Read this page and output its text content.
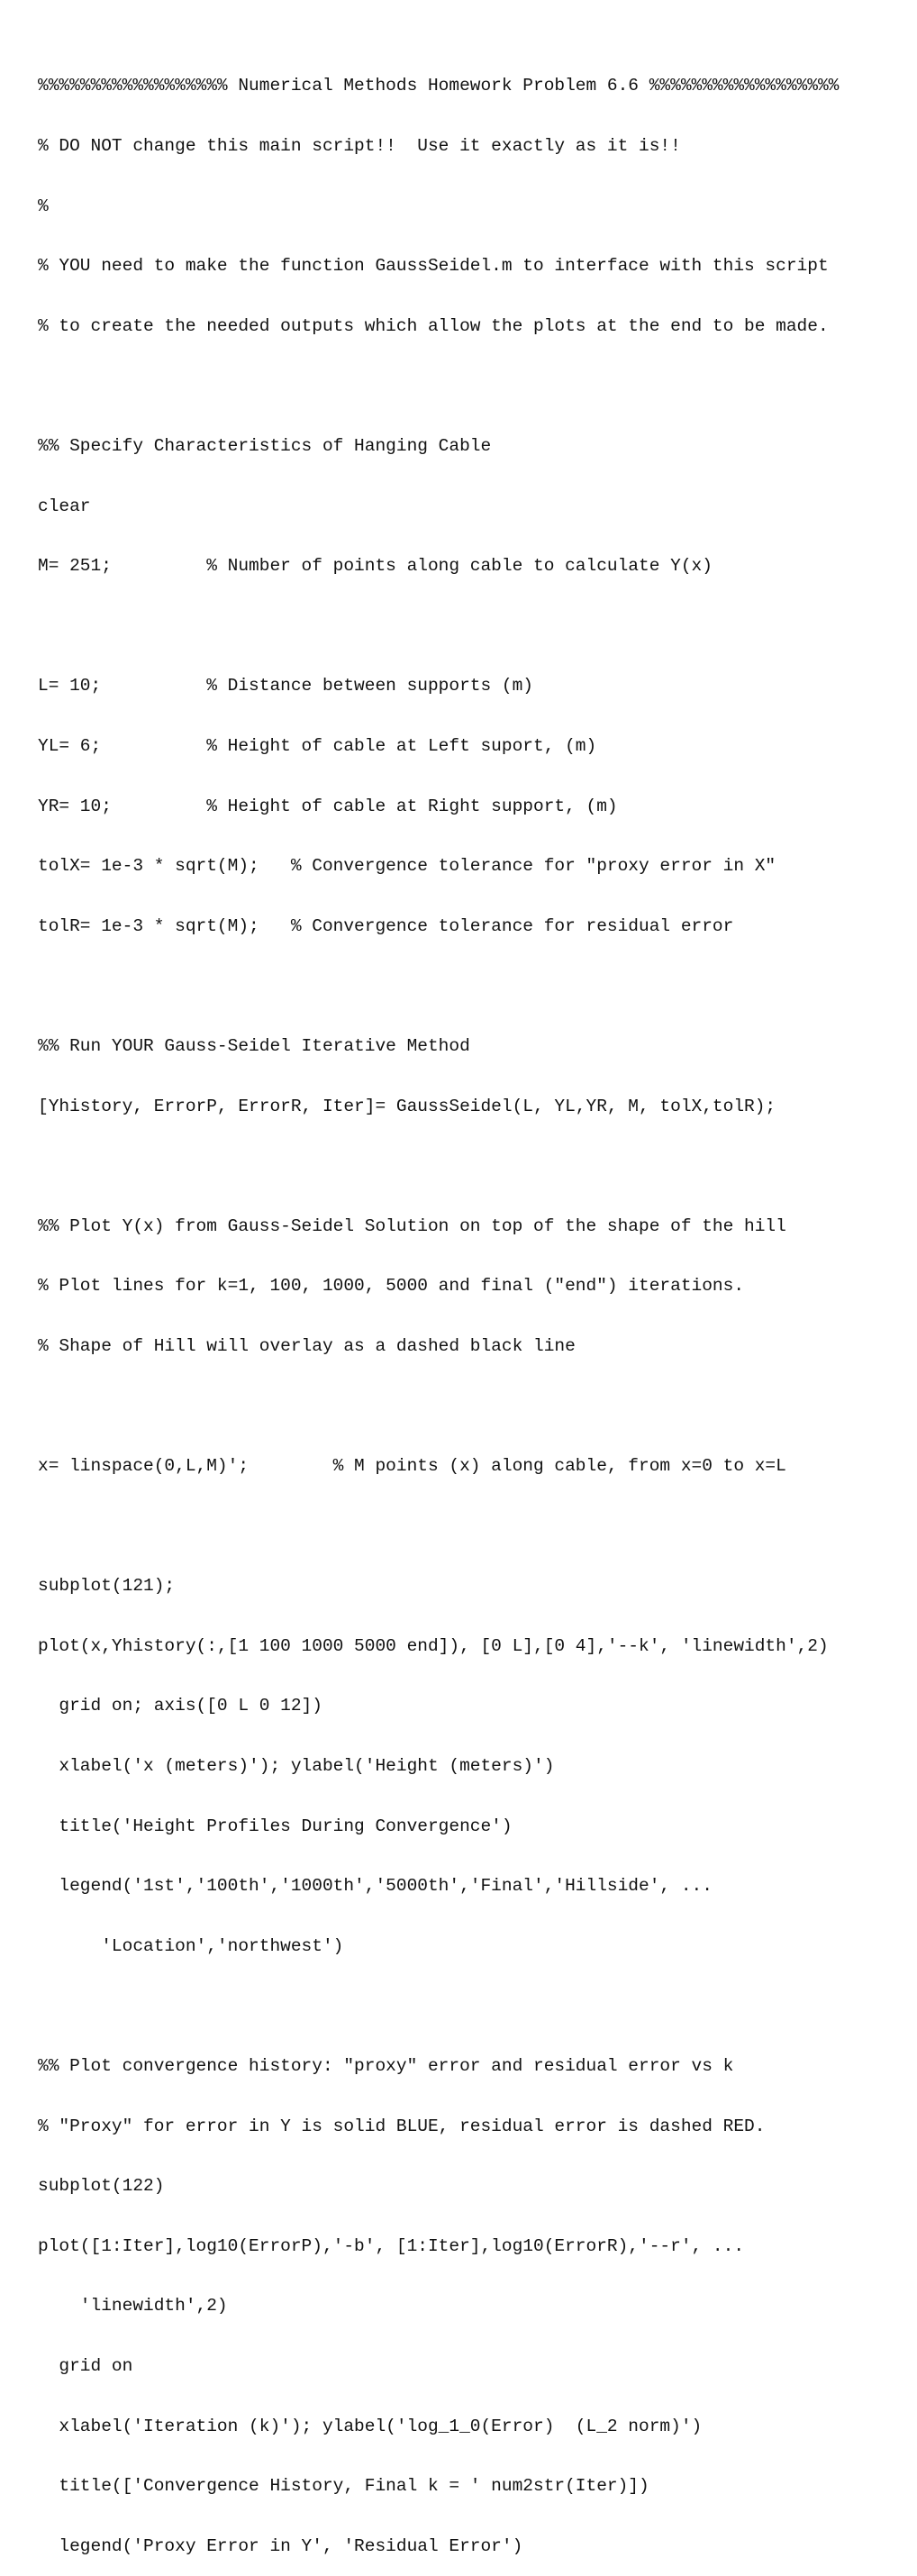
%%%%%%%%%%%%%%%%%% Numerical Methods Homework Problem 6.6 %%%%%%%%%%%%%%%%%%

% DO NOT change this main script!!  Use it exactly as it is!!

%

% YOU need to make the function GaussSeidel.m to interface with this script

% to create the needed outputs which allow the plots at the end to be made.

%% Specify Characteristics of Hanging Cable

clear

M= 251;         % Number of points along cable to calculate Y(x)

L= 10;          % Distance between supports (m)

YL= 6;          % Height of cable at Left suport, (m)

YR= 10;         % Height of cable at Right support, (m)

tolX= 1e-3 * sqrt(M);   % Convergence tolerance for "proxy error in X"

tolR= 1e-3 * sqrt(M);   % Convergence tolerance for residual error

%% Run YOUR Gauss-Seidel Iterative Method

[Yhistory, ErrorP, ErrorR, Iter]= GaussSeidel(L, YL,YR, M, tolX,tolR);

%% Plot Y(x) from Gauss-Seidel Solution on top of the shape of the hill

% Plot lines for k=1, 100, 1000, 5000 and final ("end") iterations.

% Shape of Hill will overlay as a dashed black line

x= linspace(0,L,M)';        % M points (x) along cable, from x=0 to x=L

subplot(121);

plot(x,Yhistory(:,[1 100 1000 5000 end]), [0 L],[0 4],'--k', 'linewidth',2)

grid on; axis([0 L 0 12])

xlabel('x (meters)'); ylabel('Height (meters)')

title('Height Profiles During Convergence')

legend('1st','100th','1000th','5000th','Final','Hillside', ...

'Location','northwest')

%% Plot convergence history: "proxy" error and residual error vs k

% "Proxy" for error in Y is solid BLUE, residual error is dashed RED.

subplot(122)

plot([1:Iter],log10(ErrorP),'-b', [1:Iter],log10(ErrorR),'--r', ...

'linewidth',2)

grid on

xlabel('Iteration (k)'); ylabel('log_1_0(Error)  (L_2 norm)')

title(['Convergence History, Final k = ' num2str(Iter)])

legend('Proxy Error in Y', 'Residual Error')
